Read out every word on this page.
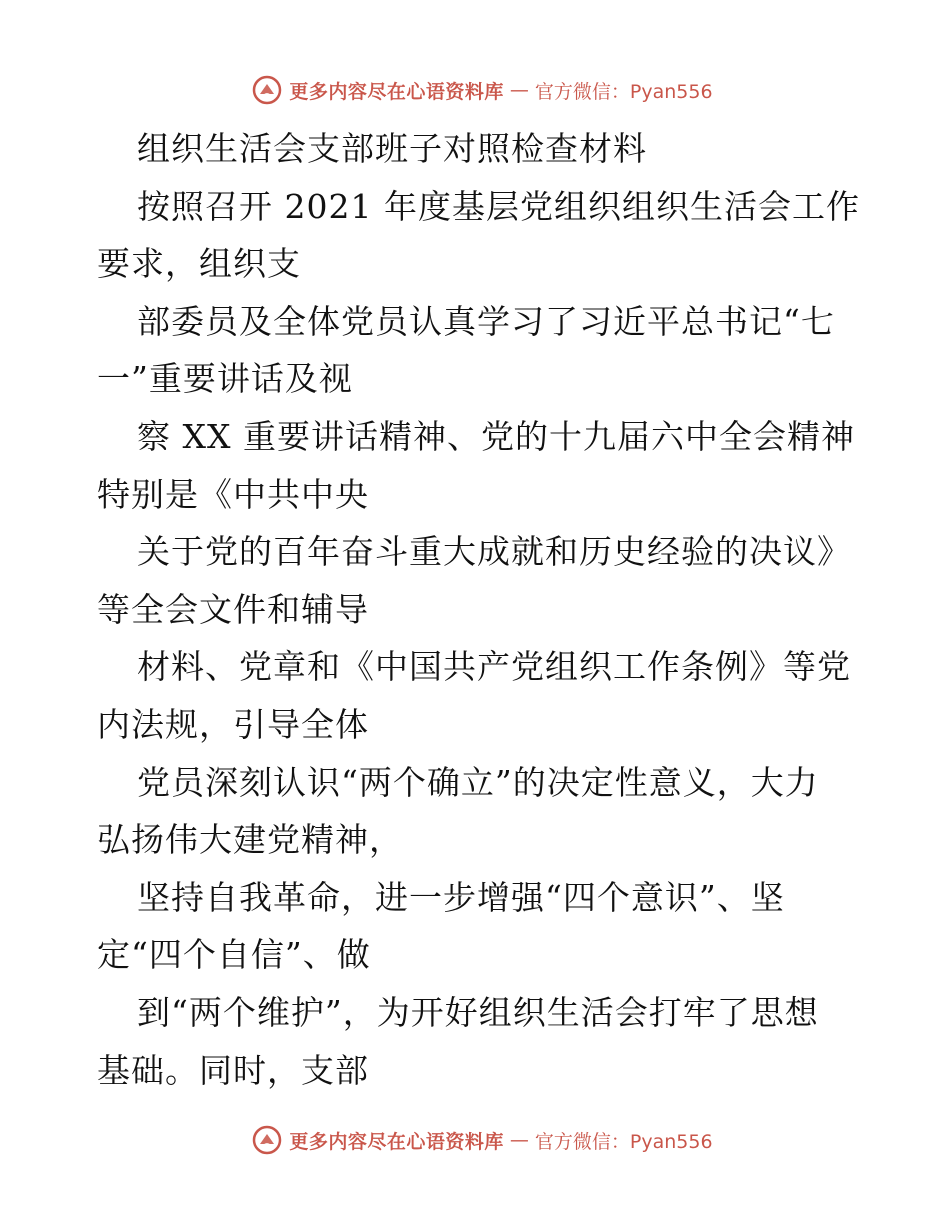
更多内容尽在心语资料库 — 官方微信：Pyan556
组织生活会支部班子对照检查材料
按照召开 2021 年度基层党组织组织生活会工作
要求，组织支
部委员及全体党员认真学习了习近平总书记“七
一”重要讲话及视
察 XX 重要讲话精神、党的十九届六中全会精神
特别是《中共中央
关于党的百年奋斗重大成就和历史经验的决议》
等全会文件和辅导
材料、党章和《中国共产党组织工作条例》等党
内法规，引导全体
党员深刻认识“两个确立”的决定性意义，大力
弘扬伟大建党精神，
坚持自我革命，进一步增强“四个意识”、坚
定“四个自信”、做
到“两个维护”，为开好组织生活会打牢了思想
基础。同时，支部
更多内容尽在心语资料库 — 官方微信：Pyan556
